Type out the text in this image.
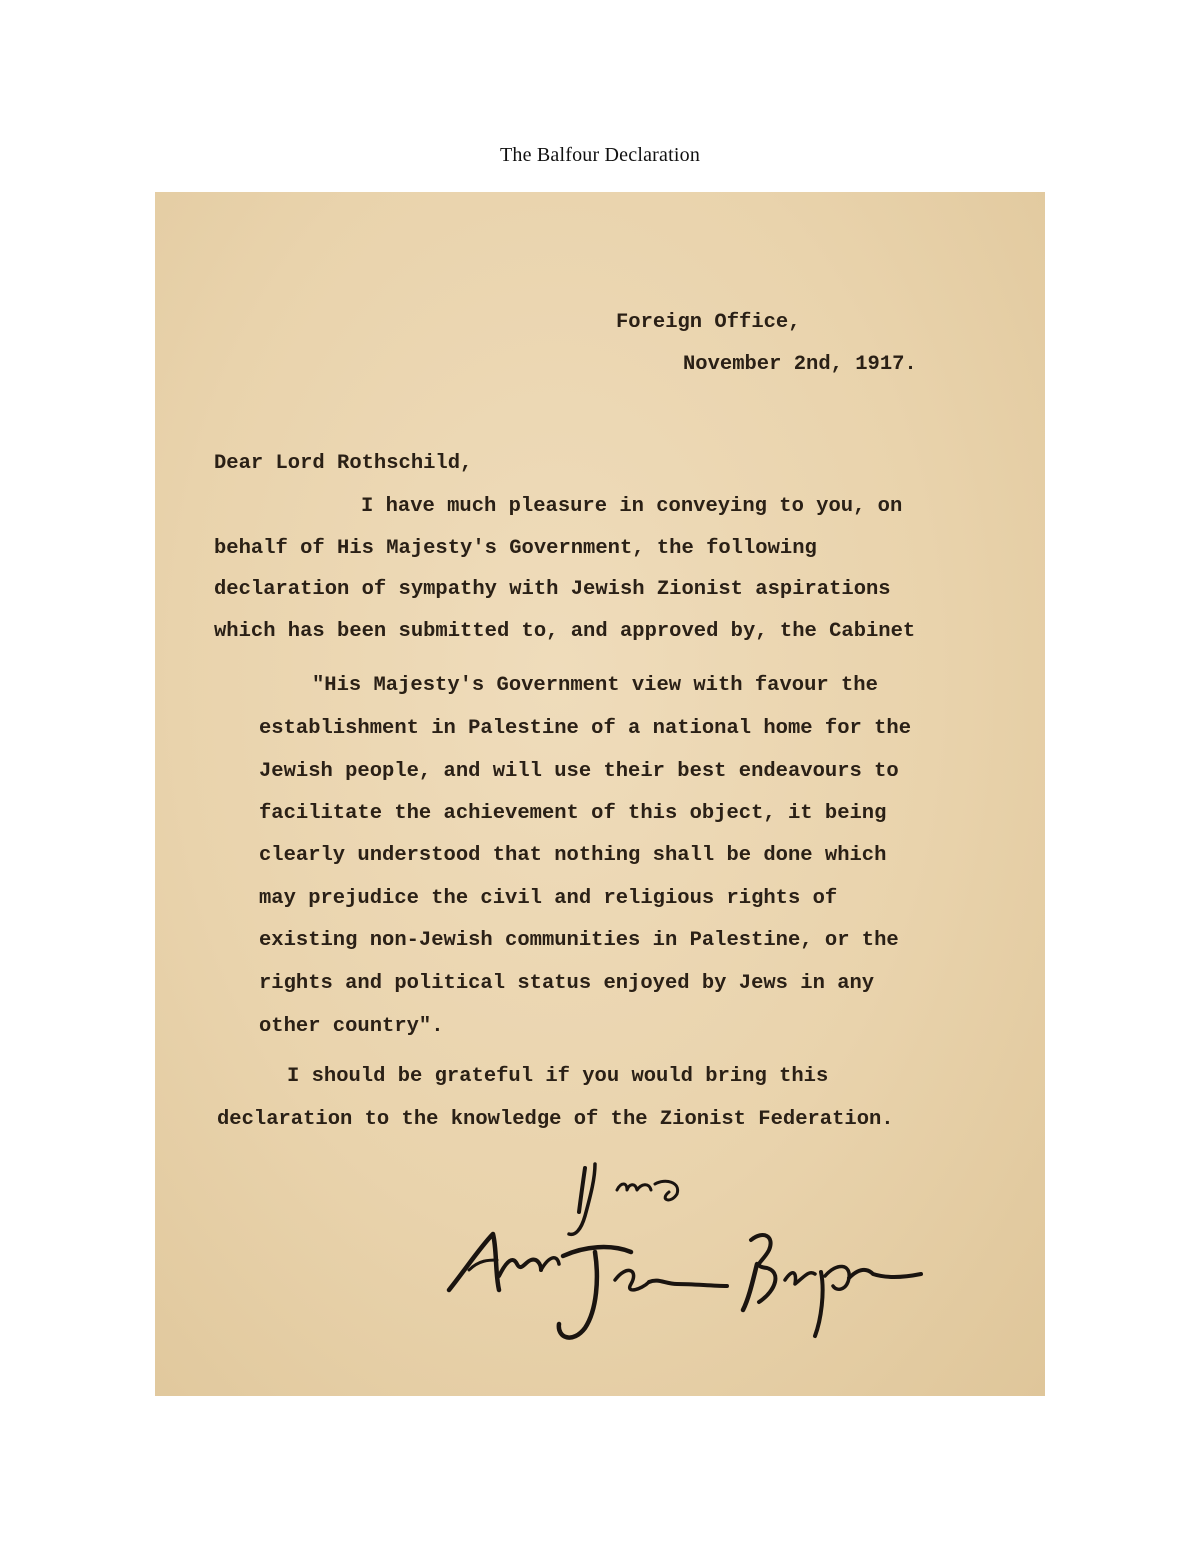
The Balfour Declaration
Foreign Office,
November 2nd, 1917.
Dear Lord Rothschild,
I have much pleasure in conveying to you, on
behalf of His Majesty's Government, the following
declaration of sympathy with Jewish Zionist aspirations
which has been submitted to, and approved by, the Cabinet
"His Majesty's Government view with favour the
establishment in Palestine of a national home for the
Jewish people, and will use their best endeavours to
facilitate the achievement of this object, it being
clearly understood that nothing shall be done which
may prejudice the civil and religious rights of
existing non-Jewish communities in Palestine, or the
rights and political status enjoyed by Jews in any
other country".
I should be grateful if you would bring this
declaration to the knowledge of the Zionist Federation.
